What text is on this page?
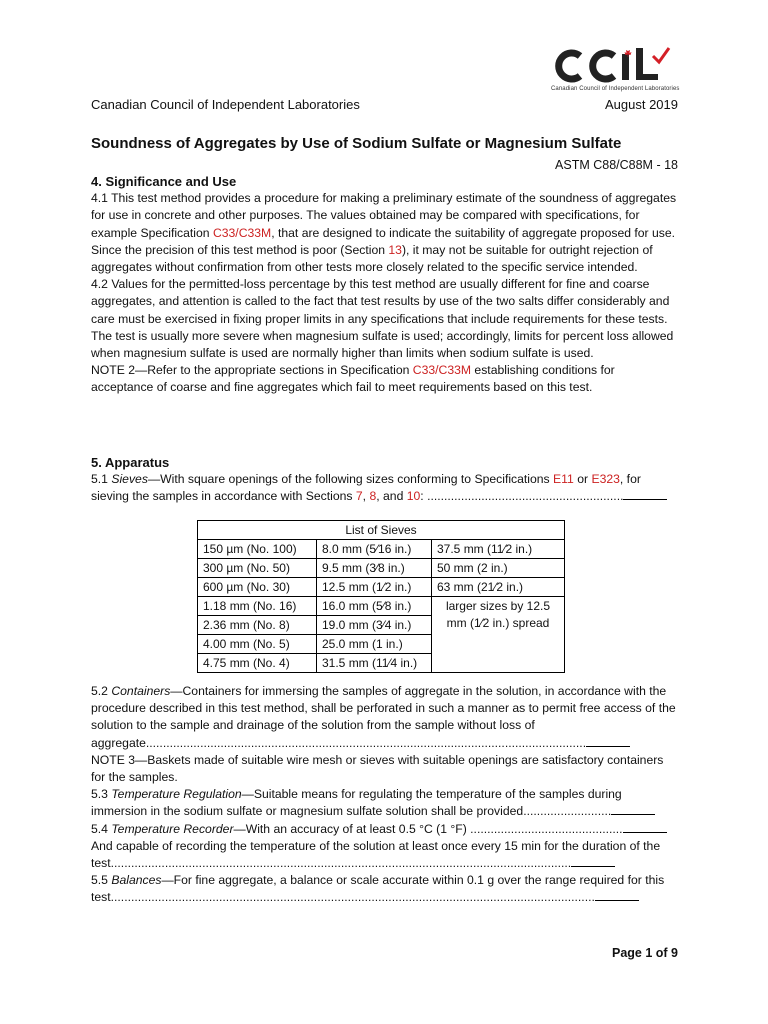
Canadian Council of Independent Laboratories
Canadian Council of Independent Laboratories	August 2019
Soundness of Aggregates by Use of Sodium Sulfate or Magnesium Sulfate
ASTM C88/C88M - 18

4. Significance and Use

4.1 This test method provides a procedure for making a preliminary estimate of the soundness of aggregates for use in concrete and other purposes. The values obtained may be compared with specifications, for example Specification C33/C33M, that are designed to indicate the suitability of aggregate proposed for use. Since the precision of this test method is poor (Section 13), it may not be suitable for outright rejection of aggregates without confirmation from other tests more closely related to the specific service intended.

4.2 Values for the permitted-loss percentage by this test method are usually different for fine and coarse aggregates, and attention is called to the fact that test results by use of the two salts differ considerably and care must be exercised in fixing proper limits in any specifications that include requirements for these tests. The test is usually more severe when magnesium sulfate is used; accordingly, limits for percent loss allowed when magnesium sulfate is used are normally higher than limits when sodium sulfate is used.

NOTE 2—Refer to the appropriate sections in Specification C33/C33M establishing conditions for acceptance of coarse and fine aggregates which fail to meet requirements based on this test.

5. Apparatus

5.1 Sieves—With square openings of the following sizes conforming to Specifications E11 or E323, for sieving the samples in accordance with Sections 7, 8, and 10: ..........................................................

List of Sieves		
150 µm (No. 100)	8.0 mm (5⁄16 in.)	37.5 mm (11⁄2 in.)
300 µm (No. 50)	9.5 mm (3⁄8 in.)	50 mm (2 in.)
600 µm (No. 30)	12.5 mm (1⁄2 in.)	63 mm (21⁄2 in.)
1.18 mm (No. 16)	16.0 mm (5⁄8 in.)	larger sizes by 12.5 mm (1⁄2 in.) spread
2.36 mm (No. 8)	19.0 mm (3⁄4 in.)	
4.00 mm (No. 5)	25.0 mm (1 in.)	
4.75 mm (No. 4)	31.5 mm (11⁄4 in.)	

5.2 Containers—Containers for immersing the samples of aggregate in the solution, in accordance with the procedure described in this test method, shall be perforated in such a manner as to permit free access of the solution to the sample and drainage of the solution from the sample without loss of aggregate..................................................................................................................................

NOTE 3—Baskets made of suitable wire mesh or sieves with suitable openings are satisfactory containers for the samples.

5.3 Temperature Regulation—Suitable means for regulating the temperature of the samples during immersion in the sodium sulfate or magnesium sulfate solution shall be provided..........................

5.4 Temperature Recorder—With an accuracy of at least 0.5 °C (1 °F) .............................................

And capable of recording the temperature of the solution at least once every 15 min for the duration of the test........................................................................................................................................

5.5 Balances—For fine aggregate, a balance or scale accurate within 0.1 g over the range required for this test...............................................................................................................................................

Page 1 of 9
